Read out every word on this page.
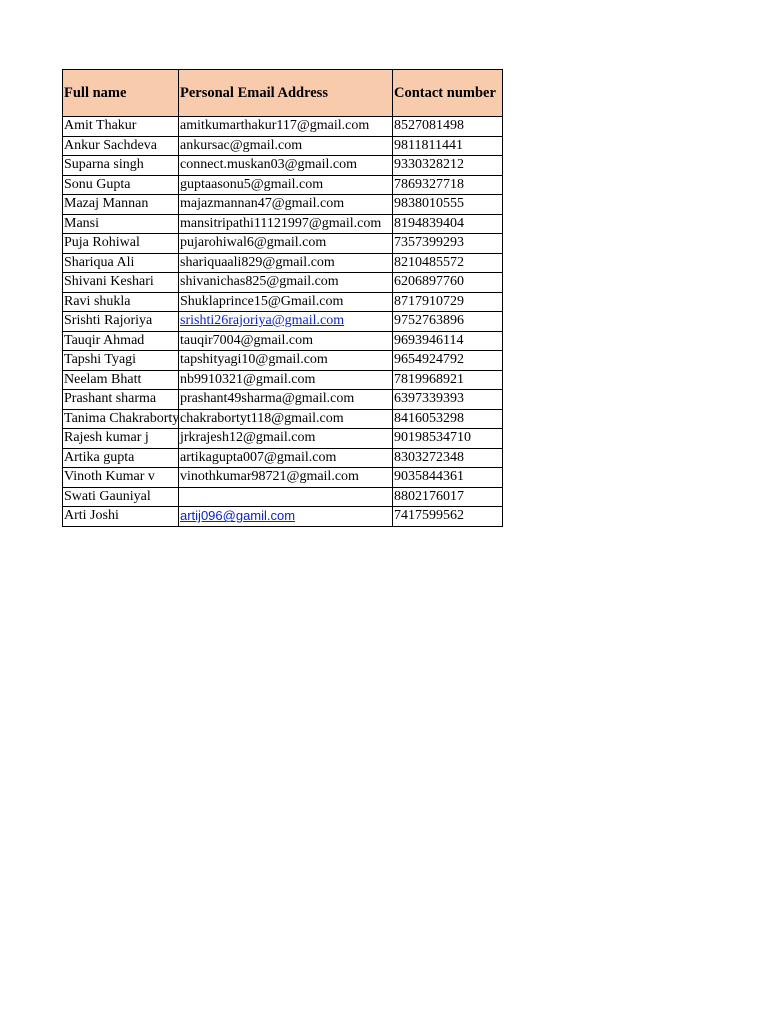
Full name	Personal Email Address	Contact number
Amit Thakur	amitkumarthakur117@gmail.com	8527081498
Ankur Sachdeva	ankursac@gmail.com	9811811441
Suparna singh	connect.muskan03@gmail.com	9330328212
Sonu Gupta	guptaasonu5@gmail.com	7869327718
Mazaj Mannan	majazmannan47@gmail.com	9838010555
Mansi	mansitripathi11121997@gmail.com	8194839404
Puja Rohiwal	pujarohiwal6@gmail.com	7357399293
Shariqua Ali	shariquaali829@gmail.com	8210485572
Shivani Keshari	shivanichas825@gmail.com	6206897760
Ravi shukla	Shuklaprince15@Gmail.com	8717910729
Srishti Rajoriya	srishti26rajoriya@gmail.com	9752763896
Tauqir Ahmad	tauqir7004@gmail.com	9693946114
Tapshi Tyagi	tapshityagi10@gmail.com	9654924792
Neelam Bhatt	nb9910321@gmail.com	7819968921
Prashant sharma	prashant49sharma@gmail.com	6397339393
Tanima Chakraborty	chakrabortyt118@gmail.com	8416053298
Rajesh kumar j	jrkrajesh12@gmail.com	90198534710
Artika gupta	artikagupta007@gmail.com	8303272348
Vinoth Kumar v	vinothkumar98721@gmail.com	9035844361
Swati Gauniyal		8802176017
Arti Joshi	artij096@gamil.com	7417599562
